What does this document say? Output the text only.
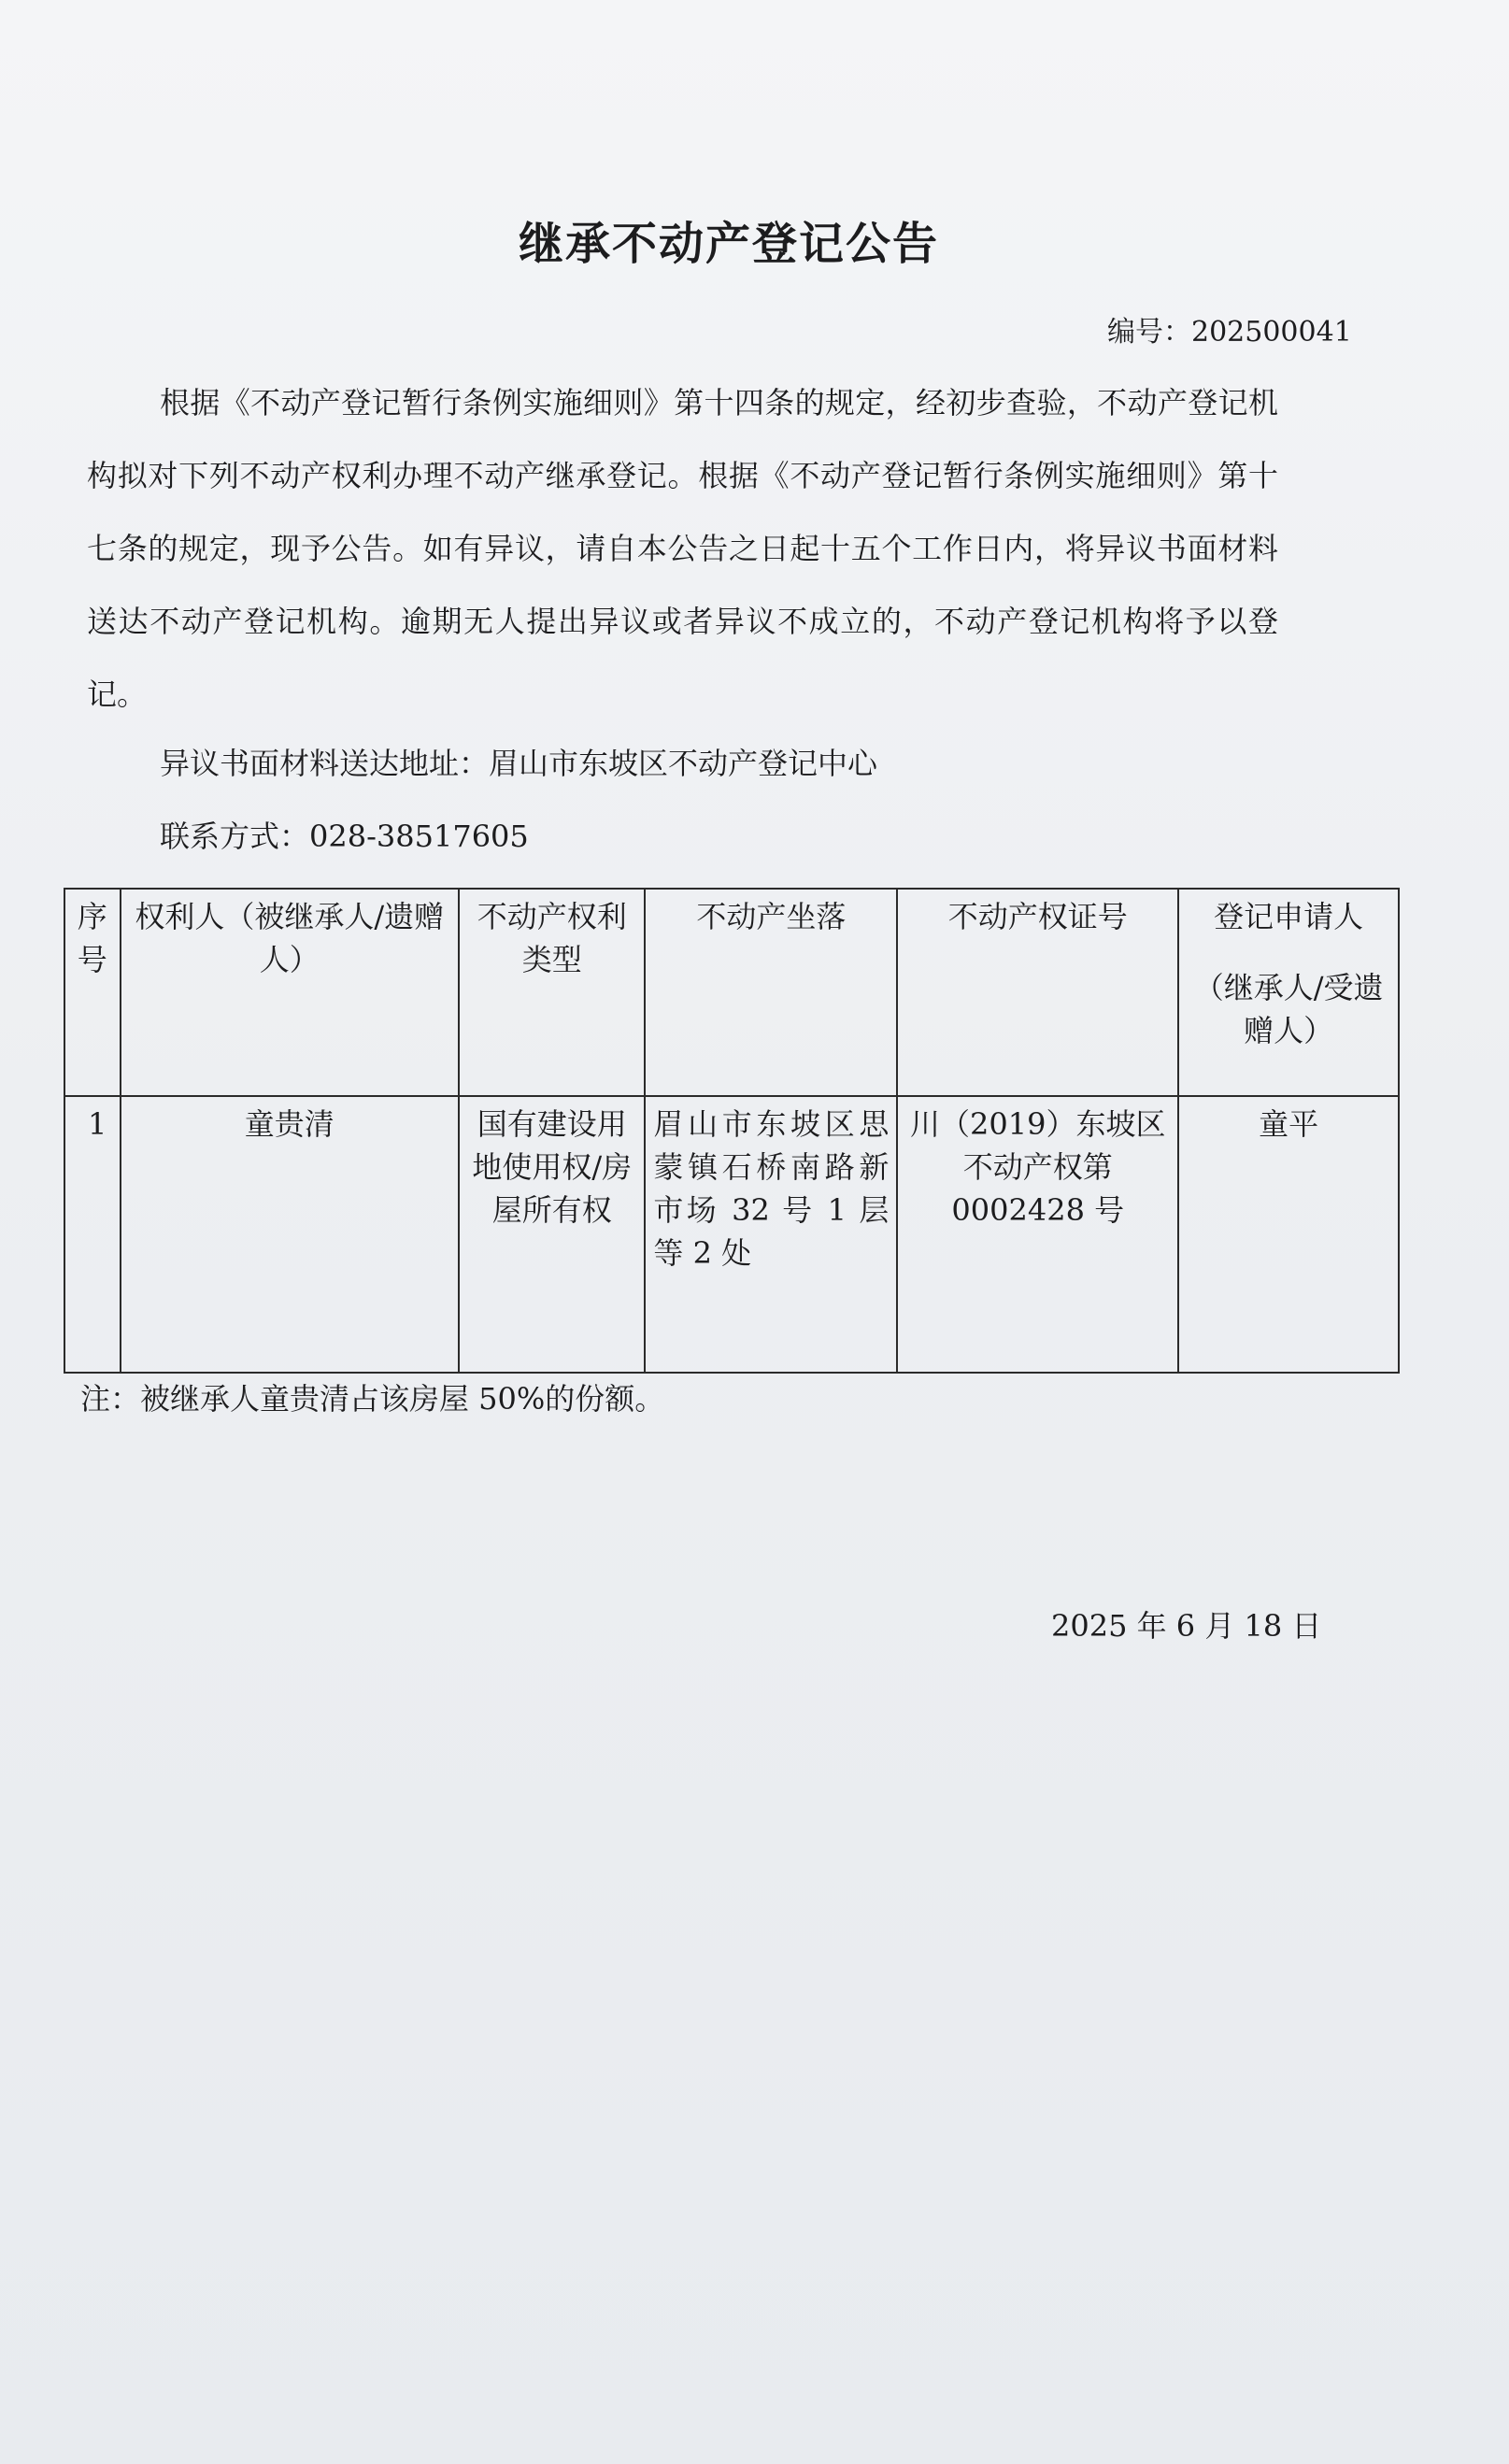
继承不动产登记公告
编号：202500041

根据《不动产登记暂行条例实施细则》第十四条的规定，经初步查验，不动产登记机构拟对下列不动产权利办理不动产继承登记。根据《不动产登记暂行条例实施细则》第十七条的规定，现予公告。如有异议，请自本公告之日起十五个工作日内，将异议书面材料送达不动产登记机构。逾期无人提出异议或者异议不成立的，不动产登记机构将予以登记。

异议书面材料送达地址：眉山市东坡区不动产登记中心
联系方式：028-38517605
序号	权利人（被继承人/遗赠人）	不动产权利类型	不动产坐落	不动产权证号	登记申请人
（继承人/受遗赠人）

1	童贵清	国有建设用地使用权/房屋所有权	眉山市东坡区思蒙镇石桥南路新市场 32 号 1 层等 2 处	川（2019）东坡区不动产权第 0002428 号	童平
注：被继承人童贵清占该房屋 50%的份额。
2025 年 6 月 18 日
